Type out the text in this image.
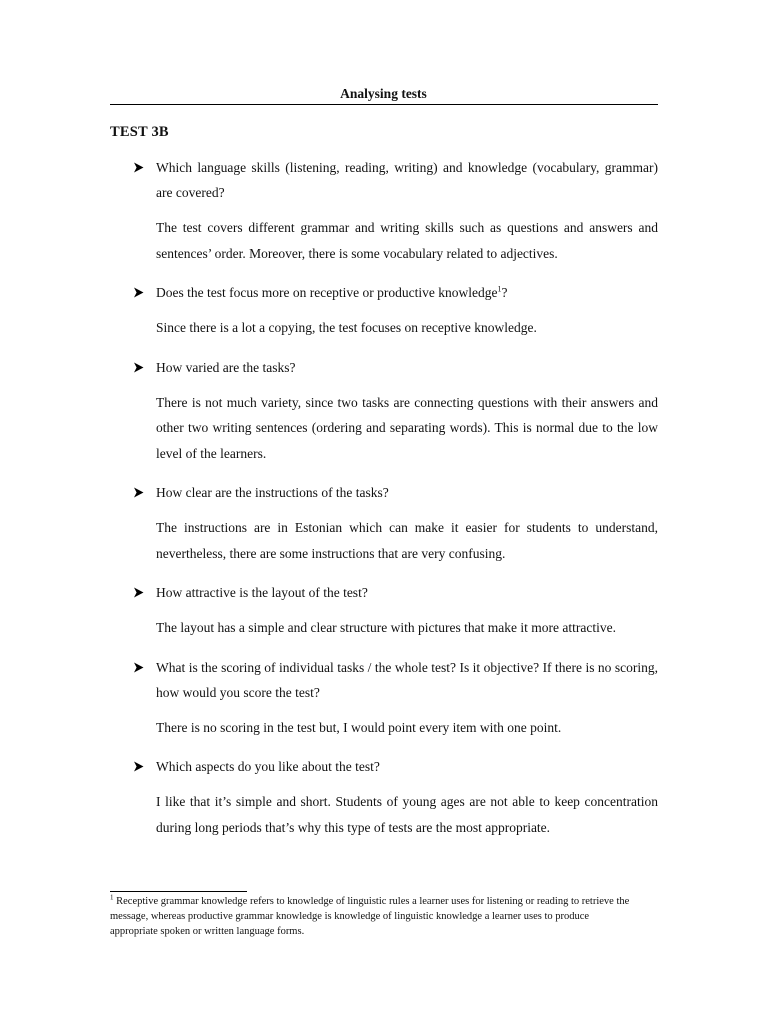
Analysing tests
TEST 3B

Which language skills (listening, reading, writing) and knowledge (vocabulary, grammar) are covered?

The test covers different grammar and writing skills such as questions and answers and sentences’ order. Moreover, there is some vocabulary related to adjectives.

Does the test focus more on receptive or productive knowledge$^1$?

Since there is a lot a copying, the test focuses on receptive knowledge.

How varied are the tasks?

There is not much variety, since two tasks are connecting questions with their answers and other two writing sentences (ordering and separating words). This is normal due to the low level of the learners.

How clear are the instructions of the tasks?

The instructions are in Estonian which can make it easier for students to understand, nevertheless, there are some instructions that are very confusing.

How attractive is the layout of the test?

The layout has a simple and clear structure with pictures that make it more attractive.

What is the scoring of individual tasks / the whole test? Is it objective? If there is no scoring, how would you score the test?

There is no scoring in the test but, I would point every item with one point.

Which aspects do you like about the test?

I like that it’s simple and short. Students of young ages are not able to keep concentration during long periods that’s why this type of tests are the most appropriate.

$^1$ Receptive grammar knowledge refers to knowledge of linguistic rules a learner uses for listening or reading to retrieve the message, whereas productive grammar knowledge is knowledge of linguistic knowledge a learner uses to produce appropriate spoken or written language forms.
